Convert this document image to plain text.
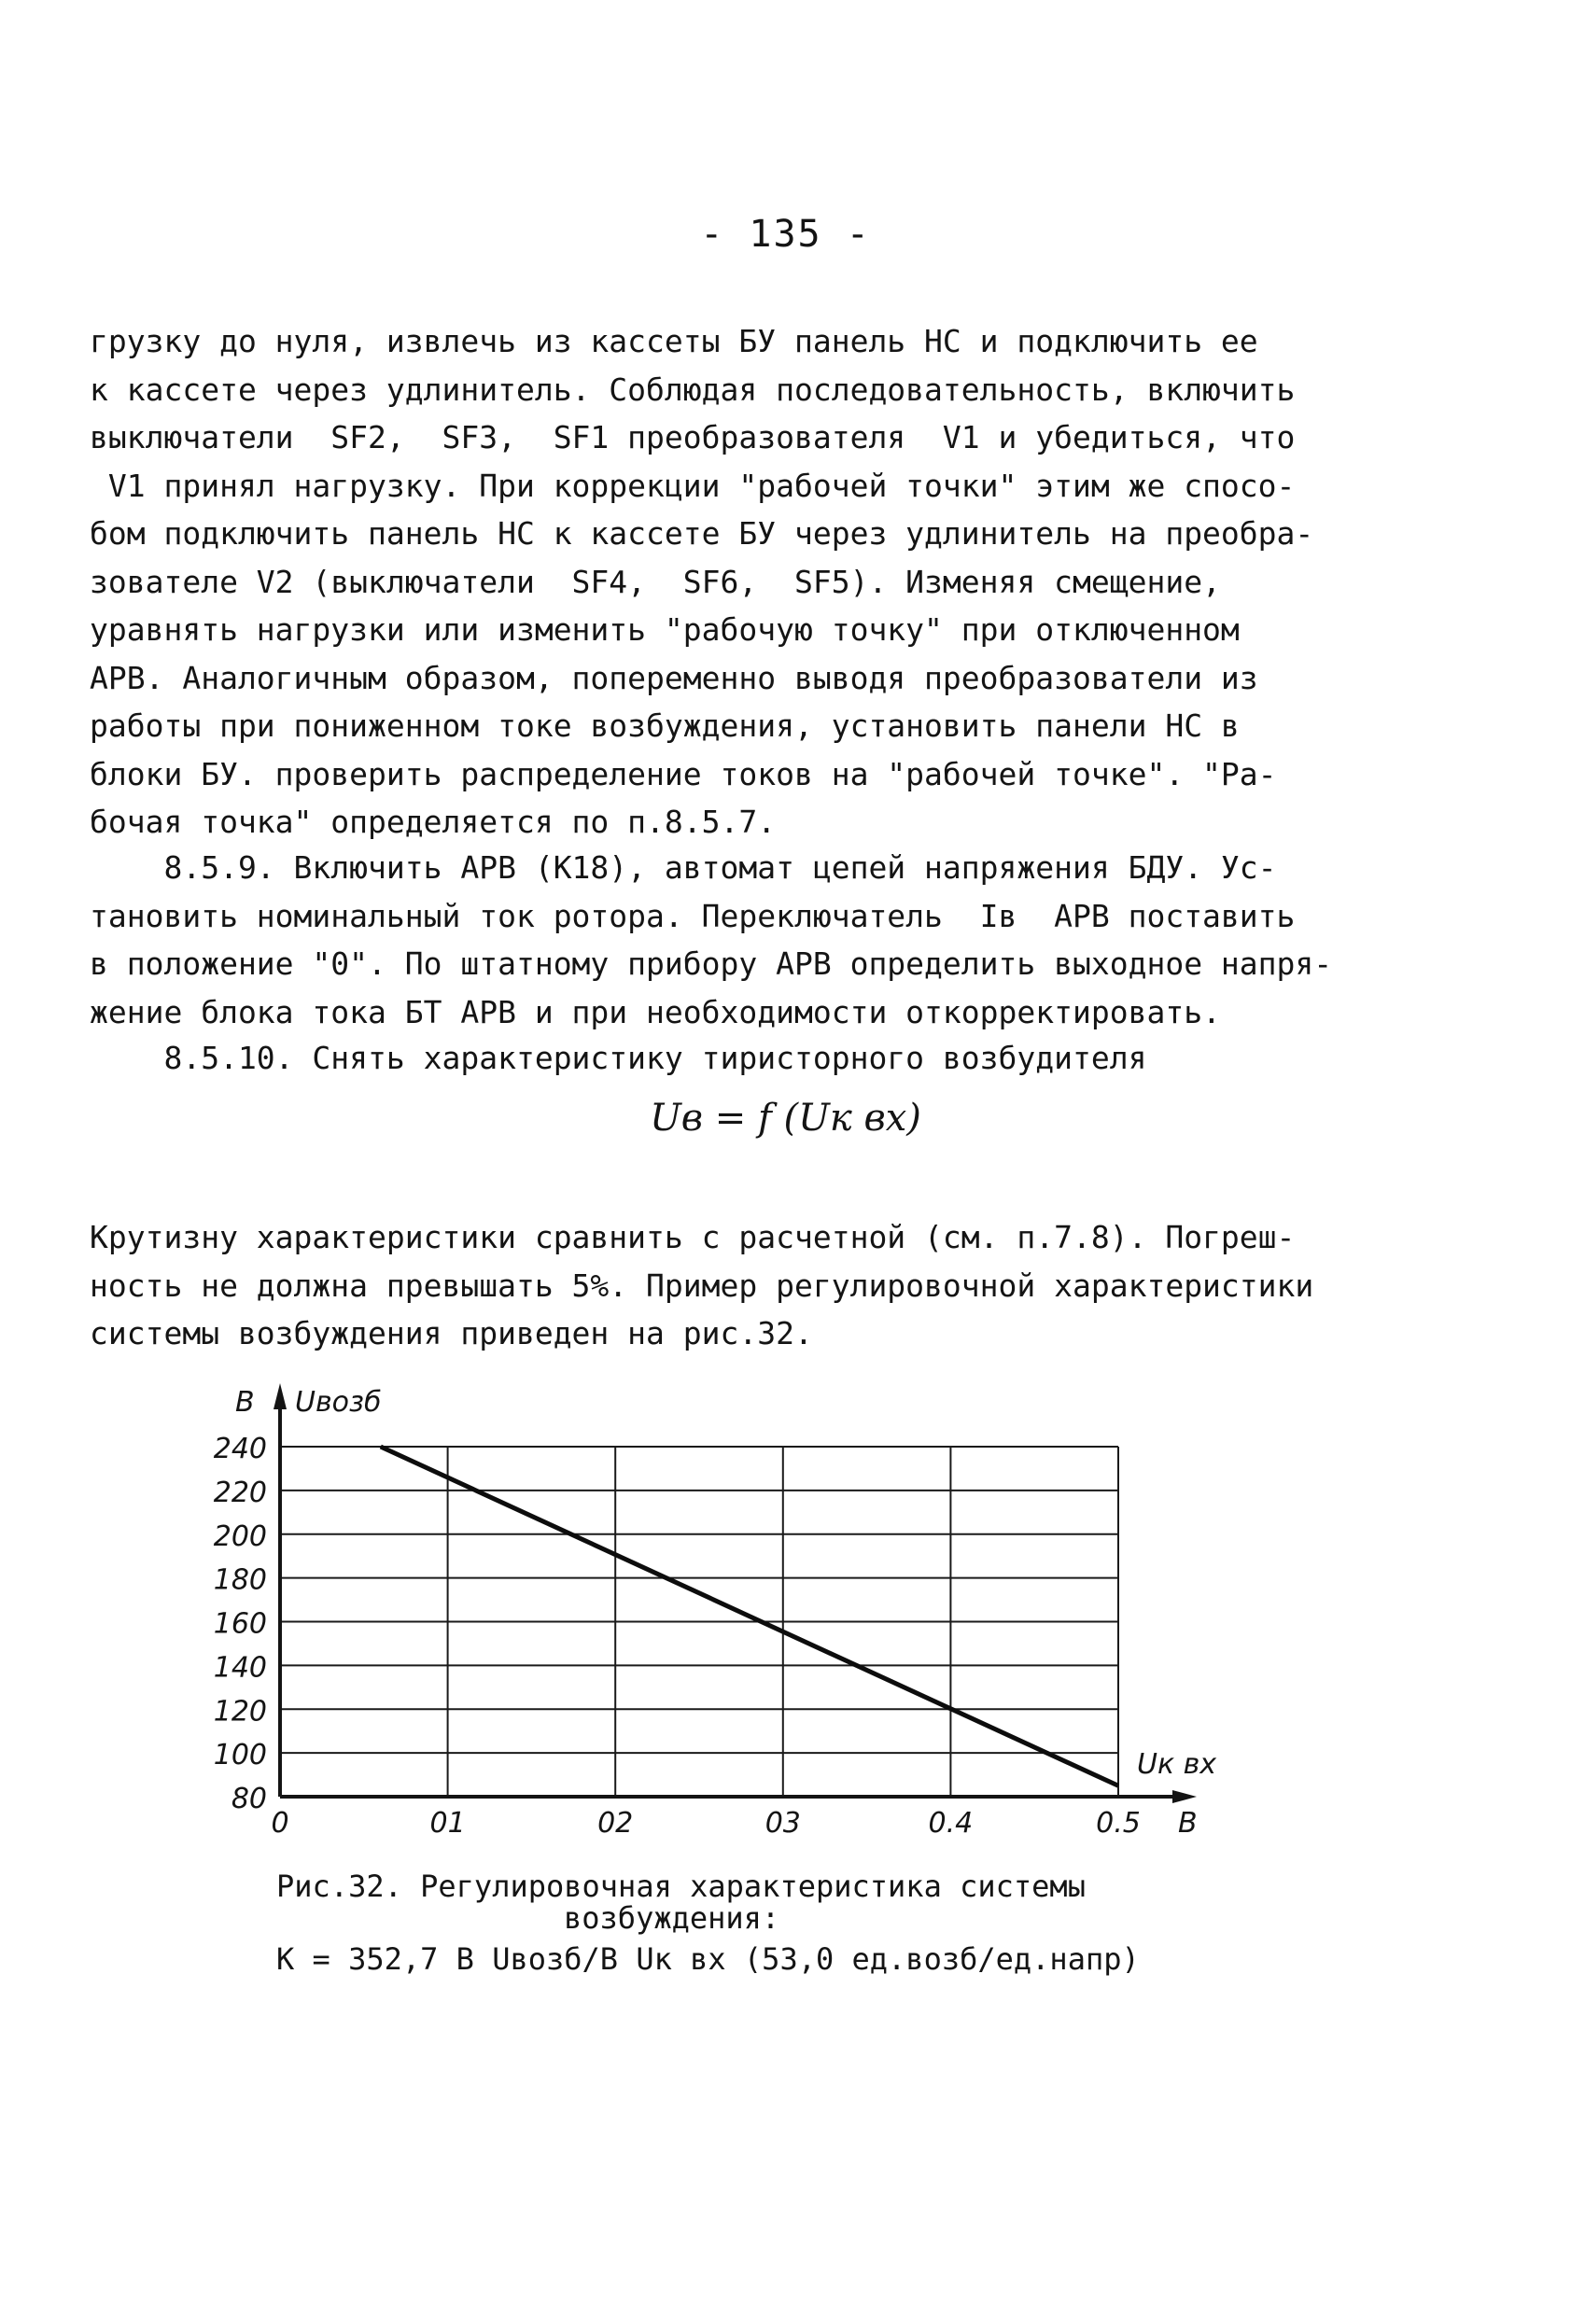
- 135 -
грузку до нуля, извлечь из кассеты БУ панель НС и подключить ее
к кассете через удлинитель. Соблюдая последовательность, включить
выключатели  SF2,  SF3,  SF1 преобразователя  V1 и убедиться, что
V1 принял нагрузку. При коррекции "рабочей точки" этим же спосо-
бом подключить панель НС к кассете БУ через удлинитель на преобра-
зователе V2 (выключатели  SF4,  SF6,  SF5). Изменяя смещение,
уравнять нагрузки или изменить "рабочую точку" при отключенном
АРВ. Аналогичным образом, попеременно выводя преобразователи из
работы при пониженном токе возбуждения, установить панели НС в
блоки БУ. проверить распределение токов на "рабочей точке". "Ра-
бочая точка" определяется по п.8.5.7.
8.5.9. Включить АРВ (К18), автомат цепей напряжения БДУ. Ус-
тановить номинальный ток ротора. Переключатель  Iв  АРВ поставить
в положение "0". По штатному прибору АРВ определить выходное напря-
жение блока тока БТ АРВ и при необходимости откорректировать.
8.5.10. Снять характеристику тиристорного возбудителя
Uв = f (Uк вх)
Крутизну характеристики сравнить с расчетной (см. п.7.8). Погреш-
ность не должна превышать 5%. Пример регулировочной характеристики
системы возбуждения приведен на рис.32.
240
220
200
180
160
140
120
100
80
0	01	02	03	0.4	0.5
В Uвозб
Uк вх
В
Рис.32. Регулировочная характеристика системы
возбуждения:
К = 352,7 В Uвозб/В Uк вх (53,0 ед.возб/ед.напр)
